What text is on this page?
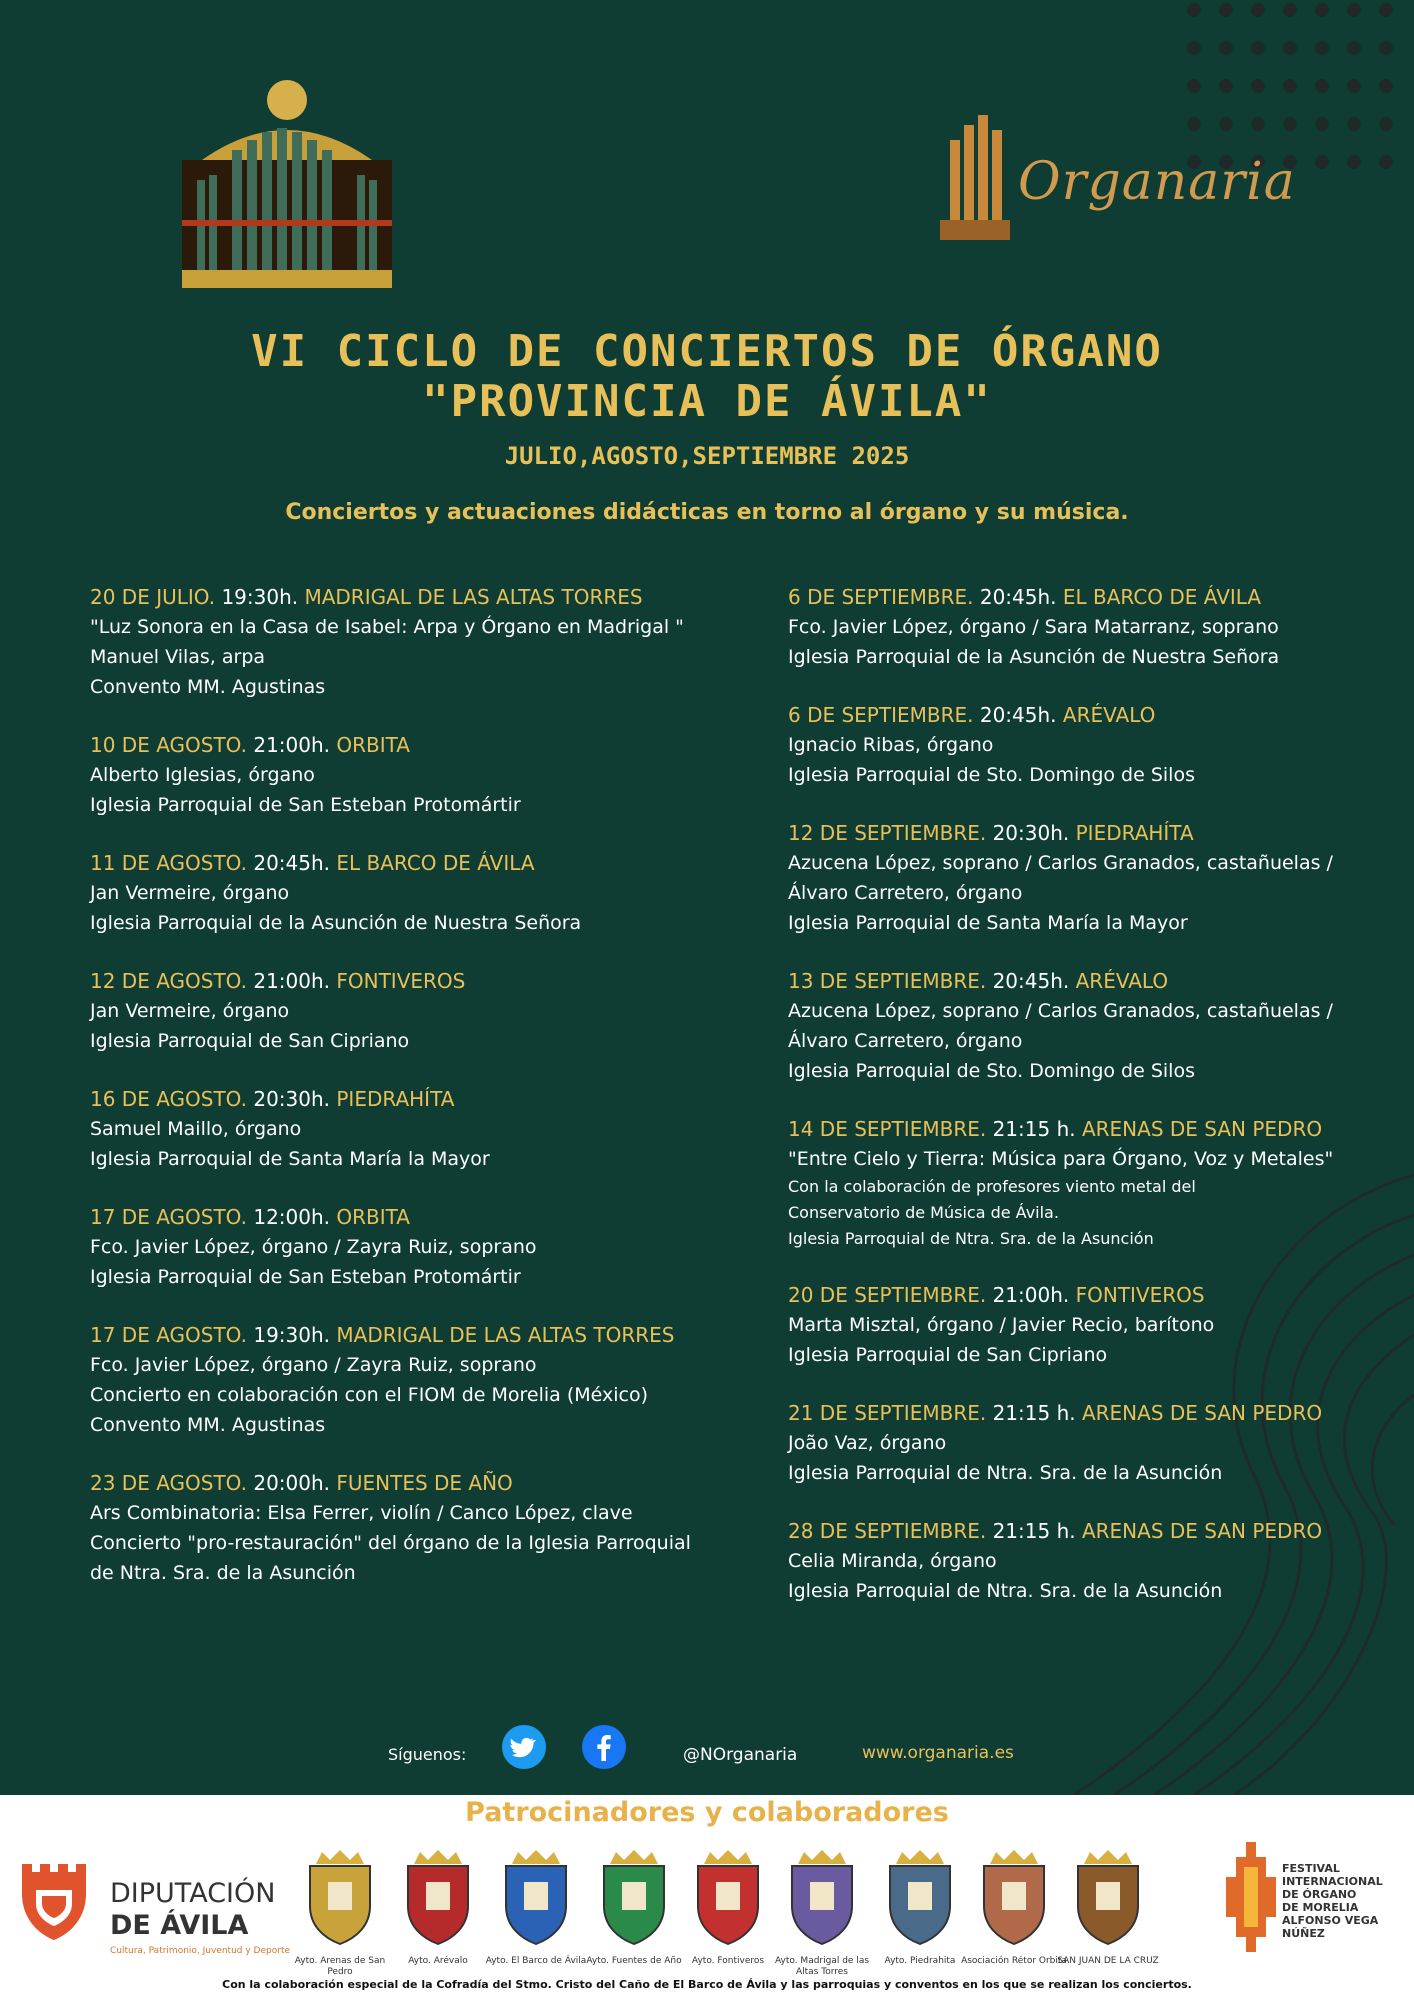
Organaria
VI CICLO DE CONCIERTOS DE ÓRGANO
"PROVINCIA DE ÁVILA"
JULIO,AGOSTO,SEPTIEMBRE 2025
Conciertos y actuaciones didácticas en torno al órgano y su música.
20 DE JULIO. 19:30h. MADRIGAL DE LAS ALTAS TORRES
"Luz Sonora en la Casa de Isabel: Arpa y Órgano en Madrigal "
Manuel Vilas, arpa
Convento MM. Agustinas
10 DE AGOSTO. 21:00h. ORBITA
Alberto Iglesias, órgano
Iglesia Parroquial de San Esteban Protomártir
11 DE AGOSTO. 20:45h. EL BARCO DE ÁVILA
Jan Vermeire, órgano
Iglesia Parroquial de la Asunción de Nuestra Señora
12 DE AGOSTO. 21:00h. FONTIVEROS
Jan Vermeire, órgano
Iglesia Parroquial de San Cipriano
16 DE AGOSTO. 20:30h. PIEDRAHÍTA
Samuel Maillo, órgano
Iglesia Parroquial de Santa María la Mayor
17 DE AGOSTO. 12:00h. ORBITA
Fco. Javier López, órgano / Zayra Ruiz, soprano
Iglesia Parroquial de San Esteban Protomártir
17 DE AGOSTO. 19:30h. MADRIGAL DE LAS ALTAS TORRES
Fco. Javier López, órgano / Zayra Ruiz, soprano
Concierto en colaboración con el FIOM de Morelia (México)
Convento MM. Agustinas
23 DE AGOSTO. 20:00h. FUENTES DE AÑO
Ars Combinatoria: Elsa Ferrer, violín / Canco López, clave
Concierto "pro-restauración" del órgano de la Iglesia Parroquial
de Ntra. Sra. de la Asunción
6 DE SEPTIEMBRE. 20:45h. EL BARCO DE ÁVILA
Fco. Javier López, órgano / Sara Matarranz, soprano
Iglesia Parroquial de la Asunción de Nuestra Señora
6 DE SEPTIEMBRE. 20:45h. ARÉVALO
Ignacio Ribas, órgano
Iglesia Parroquial de Sto. Domingo de Silos
12 DE SEPTIEMBRE. 20:30h. PIEDRAHÍTA
Azucena López, soprano / Carlos Granados, castañuelas /
Álvaro Carretero, órgano
Iglesia Parroquial de Santa María la Mayor
13 DE SEPTIEMBRE. 20:45h. ARÉVALO
Azucena López, soprano / Carlos Granados, castañuelas /
Álvaro Carretero, órgano
Iglesia Parroquial de Sto. Domingo de Silos
14 DE SEPTIEMBRE. 21:15 h. ARENAS DE SAN PEDRO
"Entre Cielo y Tierra: Música para Órgano, Voz y Metales"
Con la colaboración de profesores viento metal del
Conservatorio de Música de Ávila.
Iglesia Parroquial de Ntra. Sra. de la Asunción
20 DE SEPTIEMBRE. 21:00h. FONTIVEROS
Marta Misztal, órgano / Javier Recio, barítono
Iglesia Parroquial de San Cipriano
21 DE SEPTIEMBRE. 21:15 h. ARENAS DE SAN PEDRO
João Vaz, órgano
Iglesia Parroquial de Ntra. Sra. de la Asunción
28 DE SEPTIEMBRE. 21:15 h. ARENAS DE SAN PEDRO
Celia Miranda, órgano
Iglesia Parroquial de Ntra. Sra. de la Asunción
Síguenos:	@NOrganaria	www.organaria.es
Patrocinadores y colaboradores
DIPUTACIÓN
DE ÁVILA
Cultura, Patrimonio, Juventud y Deporte
Ayto. Arenas de San Pedro
Ayto. Arévalo	Ayto. El Barco de Ávila Ayto. Fuentes de Año	Ayto. Fontiveros	Ayto. Madrigal de las Altas Torres
Ayto. Piedrahita Asociación Rétor Orbita
SAN JUAN DE LA CRUZ
FESTIVAL
INTERNACIONAL
DE ÓRGANO
DE MORELIA
ALFONSO VEGA
NÚÑEZ
Con la colaboración especial de la Cofradía del Stmo. Cristo del Caño de El Barco de Ávila y las parroquias y conventos en los que se realizan los conciertos.
